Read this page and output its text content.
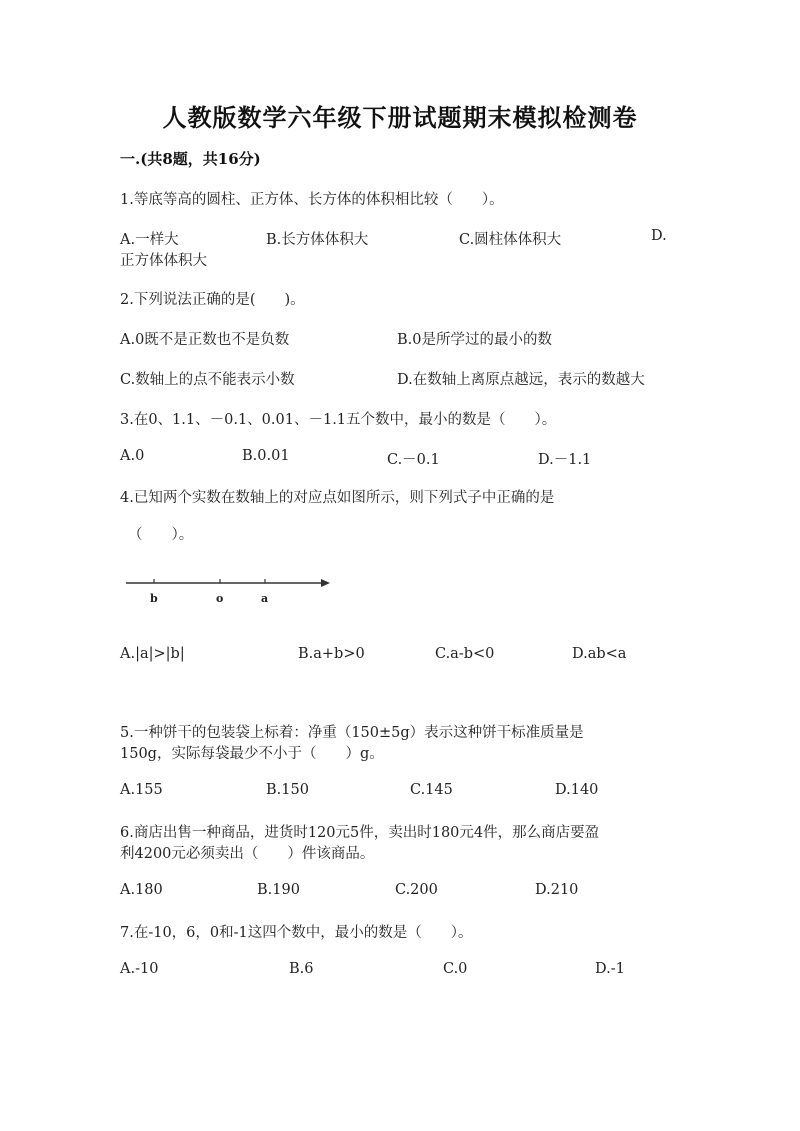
人教版数学六年级下册试题期末模拟检测卷
一.(共8题，共16分)
1.等底等高的圆柱、正方体、长方体的体积相比较（　　）。
A.一样大	B.长方体体积大	C.圆柱体体积大	D.
正方体体积大
2.下列说法正确的是(　　)。
A.0既不是正数也不是负数	B.0是所学过的最小的数
C.数轴上的点不能表示小数	D.在数轴上离原点越远，表示的数越大
3.在0、1.1、－0.1、0.01、－1.1五个数中，最小的数是（　　）。
A.0	B.0.01	C.－0.1	D.－1.1
4.已知两个实数在数轴上的对应点如图所示，则下列式子中正确的是
（　　）。
b	o	a
A.|a|>|b|	B.a+b>0	C.a-b<0	D.ab<a
5.一种饼干的包装袋上标着：净重（150±5g）表示这种饼干标准质量是
150g，实际每袋最少不小于（　　）g。
A.155	B.150	C.145	D.140
6.商店出售一种商品，进货时120元5件，卖出时180元4件，那么商店要盈
利4200元必须卖出（　　）件该商品。
A.180	B.190	C.200	D.210
7.在-10，6，0和-1这四个数中，最小的数是（　　）。
A.-10	B.6	C.0	D.-1
